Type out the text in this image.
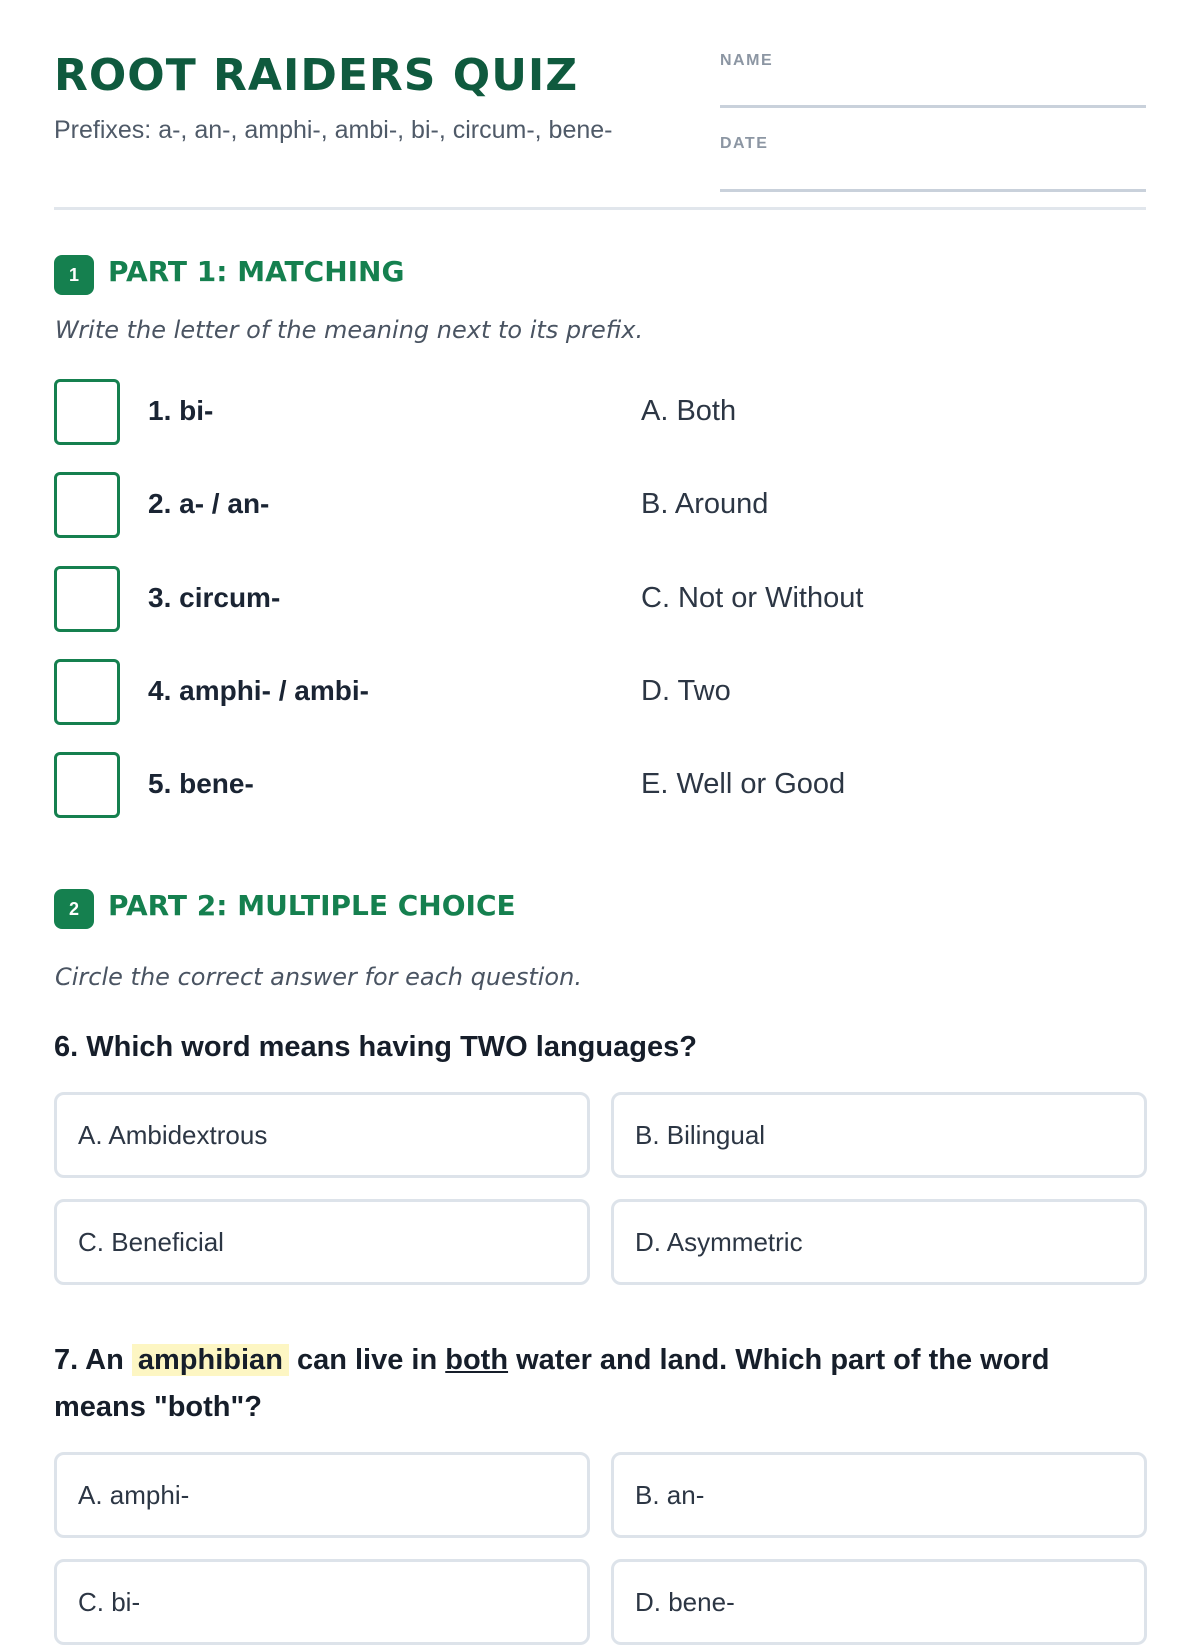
ROOT RAIDERS QUIZ
Prefixes: a-, an-, amphi-, ambi-, bi-, circum-, bene-
NAME
DATE
1	PART 1: MATCHING
Write the letter of the meaning next to its prefix.
1. bi-	A. Both
2. a- / an-	B. Around
3. circum-	C. Not or Without
4. amphi- / ambi-	D. Two
5. bene-	E. Well or Good
2	PART 2: MULTIPLE CHOICE
Circle the correct answer for each question.
6. Which word means having TWO languages?
A. Ambidextrous	B. Bilingual
C. Beneficial	D. Asymmetric
7. An amphibian can live in both water and land. Which part of the word means "both"?
A. amphi-	B. an-
C. bi-	D. bene-
